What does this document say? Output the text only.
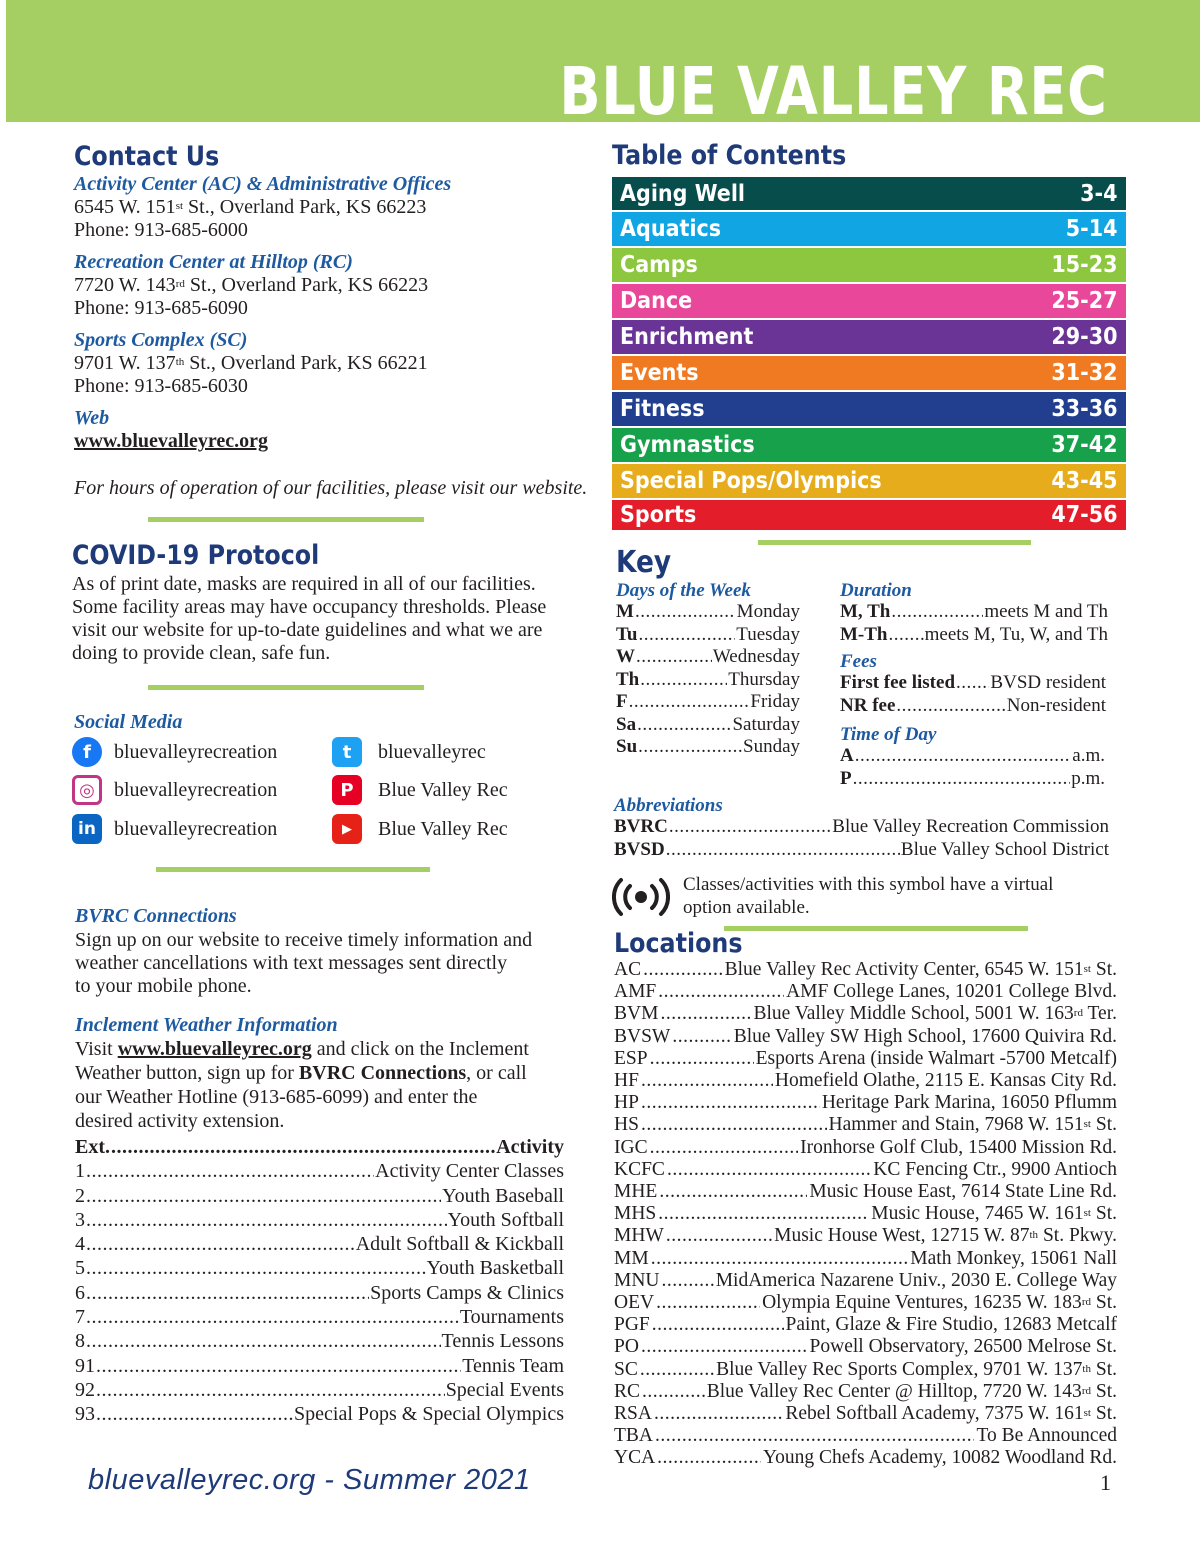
BLUE VALLEY REC
Contact Us
Activity Center (AC) & Administrative Offices
6545 W. 151st St., Overland Park, KS 66223
Phone: 913-685-6000
Recreation Center at Hilltop (RC)
7720 W. 143rd St., Overland Park, KS 66223
Phone: 913-685-6090
Sports Complex (SC)
9701 W. 137th St., Overland Park, KS 66221
Phone: 913-685-6030
Web
www.bluevalleyrec.org
For hours of operation of our facilities, please visit our website.
COVID-19 Protocol
As of print date, masks are required in all of our facilities.
Some facility areas may have occupancy thresholds. Please
visit our website for up-to-date guidelines and what we are
doing to provide clean, safe fun.
Social Media
f bluevalleyrecreation	t bluevalleyrec
◎ bluevalleyrecreation	P Blue Valley Rec
in bluevalleyrecreation	▶ Blue Valley Rec
BVRC Connections
Sign up on our website to receive timely information and
weather cancellations with text messages sent directly
to your mobile phone.
Inclement Weather Information
Visit www.bluevalleyrec.org and click on the Inclement
Weather button, sign up for BVRC Connections, or call
our Weather Hotline (913-685-6099) and enter the
desired activity extension.
Ext. .....	Activity
1 .....	Activity Center Classes
2 .....	Youth Baseball
3 .....	Youth Softball
4 .....	Adult Softball & Kickball
5 .....	Youth Basketball
6 .....	Sports Camps & Clinics
7 .....	Tournaments
8 .....	Tennis Lessons
91 .....	Tennis Team
92 .....	Special Events
93 .....	Special Pops & Special Olympics
bluevalleyrec.org - Summer 2021
Table of Contents
Aging Well	3-4
Aquatics	5-14
Camps	15-23
Dance	25-27
Enrichment	29-30
Events	31-32
Fitness	33-36
Gymnastics	37-42
Special Pops/Olympics	43-45
Sports	47-56
Key
Days of the Week
M .....	Monday
Tu .....	Tuesday
W .....	Wednesday
Th .....	Thursday
F .....	Friday
Sa .....	Saturday
Su .....	Sunday
Duration
M, Th .....	meets M and Th
M-Th ..... meets M, Tu, W, and Th
Fees
First fee listed ..... BVSD resident
NR fee .....	Non-resident
Time of Day
A .....	a.m.
P .....	p.m.
Abbreviations
BVRC .....	Blue Valley Recreation Commission
BVSD .....	Blue Valley School District
Classes/activities with this symbol have a virtual
option available.
Locations
AC .....	Blue Valley Rec Activity Center, 6545 W. 151st St.
AMF .....	AMF College Lanes, 10201 College Blvd.
BVM .....	Blue Valley Middle School, 5001 W. 163rd Ter.
BVSW .....	Blue Valley SW High School, 17600 Quivira Rd.
ESP .....	Esports Arena (inside Walmart -5700 Metcalf)
HF .....	Homefield Olathe, 2115 E. Kansas City Rd.
HP .....	Heritage Park Marina, 16050 Pflumm
HS .....	Hammer and Stain, 7968 W. 151st St.
IGC .....	Ironhorse Golf Club, 15400 Mission Rd.
KCFC .....	KC Fencing Ctr., 9900 Antioch
MHE .....	Music House East, 7614 State Line Rd.
MHS .....	Music House, 7465 W. 161st St.
MHW .....	Music House West, 12715 W. 87th St. Pkwy.
MM .....	Math Monkey, 15061 Nall
MNU .....	MidAmerica Nazarene Univ., 2030 E. College Way
OEV .....	Olympia Equine Ventures, 16235 W. 183rd St.
PGF .....	Paint, Glaze & Fire Studio, 12683 Metcalf
PO .....	Powell Observatory, 26500 Melrose St.
SC .....	Blue Valley Rec Sports Complex, 9701 W. 137th St.
RC .....	Blue Valley Rec Center @ Hilltop, 7720 W. 143rd St.
RSA .....	Rebel Softball Academy, 7375 W. 161st St.
TBA .....	To Be Announced
YCA .....	Young Chefs Academy, 10082 Woodland Rd.
1
